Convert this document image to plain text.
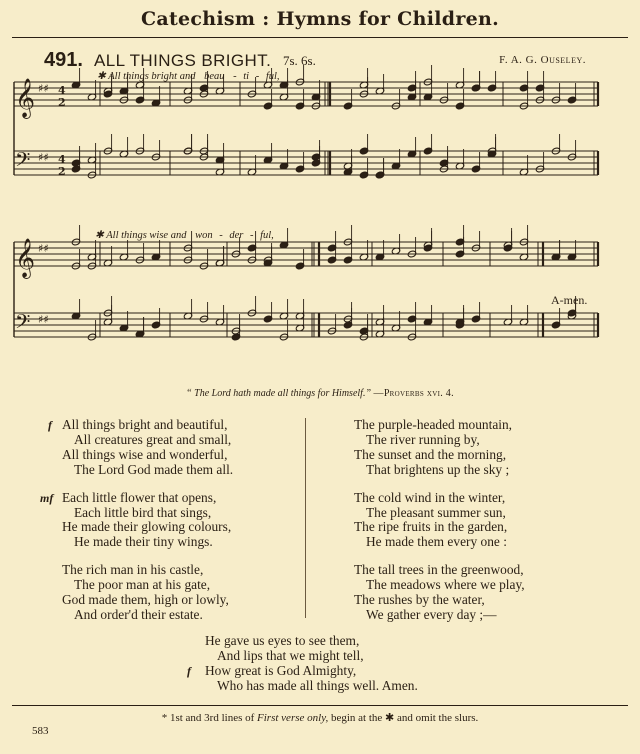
Catechism : Hymns for Children.
491. ALL THINGS BRIGHT. 7s. 6s.	F. A. G. Ouseley.
𝄞 ♯♯ 4
2
𝄢 ♯♯ 4
2
𝄞 ♯♯
𝄢 ♯♯
✱ All things bright and beau - ti - ful,
✱ All things wise and won - der - ful,
A-men.
“ The Lord hath made all things for Himself.” —Proverbs xvi. 4.
f All things bright and beautiful,
All creatures great and small,
All things wise and wonderful,
The Lord God made them all.
mf Each little flower that opens,
Each little bird that sings,
He made their glowing colours,
He made their tiny wings.
The rich man in his castle,
The poor man at his gate,
God made them, high or lowly,
And order'd their estate.
The purple-headed mountain,
The river running by,
The sunset and the morning,
That brightens up the sky ;
The cold wind in the winter,
The pleasant summer sun,
The ripe fruits in the garden,
He made them every one :
The tall trees in the greenwood,
The meadows where we play,
The rushes by the water,
We gather every day ;—
He gave us eyes to see them,
And lips that we might tell,
f How great is God Almighty,
Who has made all things well. Amen.
* 1st and 3rd lines of First verse only, begin at the ✱ and omit the slurs.
583
